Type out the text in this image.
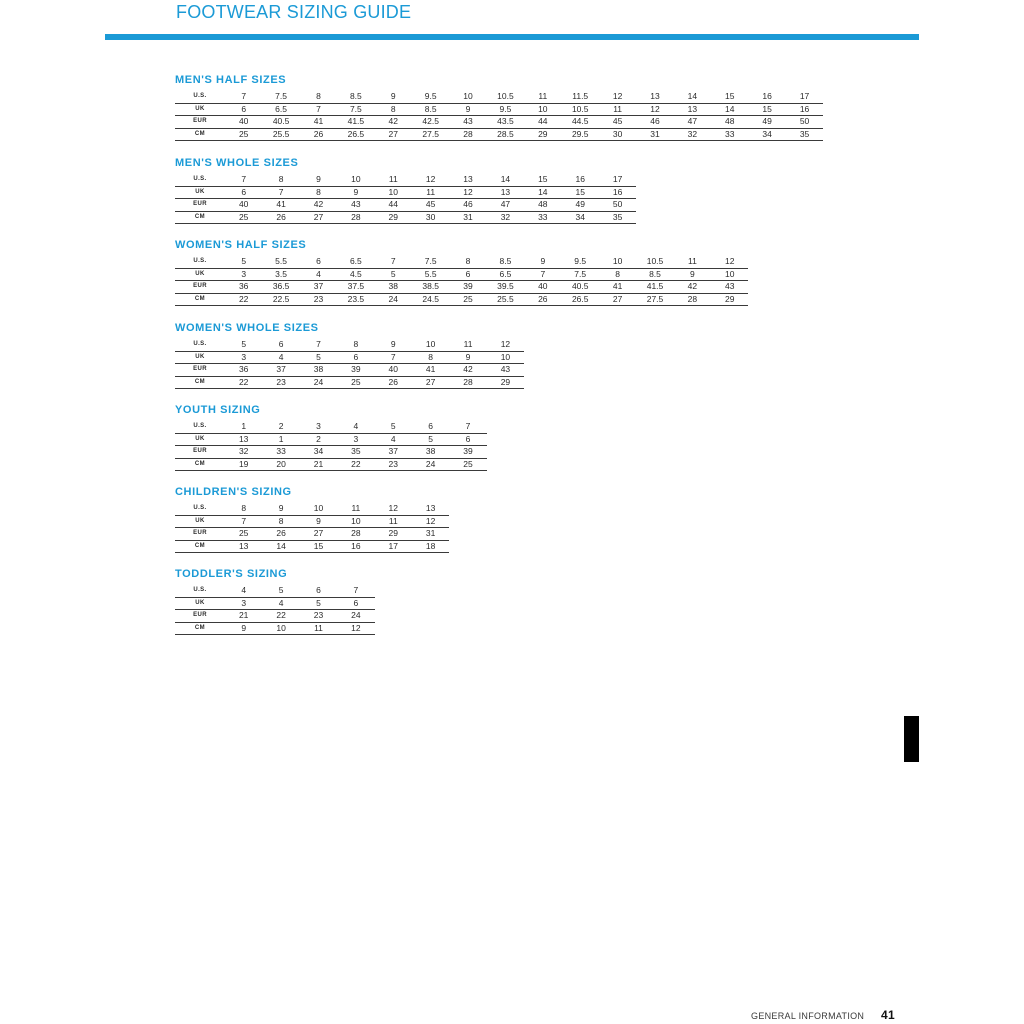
FOOTWEAR SIZING GUIDE
MEN'S HALF SIZES
U.S.	7	7.5	8	8.5	9	9.5	10	10.5	11	11.5	12	13	14	15	16	17
UK	6	6.5	7	7.5	8	8.5	9	9.5	10	10.5	11	12	13	14	15	16
EUR	40	40.5	41	41.5	42	42.5	43	43.5	44	44.5	45	46	47	48	49	50
CM	25	25.5	26	26.5	27	27.5	28	28.5	29	29.5	30	31	32	33	34	35
MEN'S WHOLE SIZES
U.S.	7	8	9	10	11	12	13	14	15	16	17
UK	6	7	8	9	10	11	12	13	14	15	16
EUR	40	41	42	43	44	45	46	47	48	49	50
CM	25	26	27	28	29	30	31	32	33	34	35
WOMEN'S HALF SIZES
U.S.	5	5.5	6	6.5	7	7.5	8	8.5	9	9.5	10	10.5	11	12
UK	3	3.5	4	4.5	5	5.5	6	6.5	7	7.5	8	8.5	9	10
EUR	36	36.5	37	37.5	38	38.5	39	39.5	40	40.5	41	41.5	42	43
CM	22	22.5	23	23.5	24	24.5	25	25.5	26	26.5	27	27.5	28	29
WOMEN'S WHOLE SIZES
U.S.	5	6	7	8	9	10	11	12
UK	3	4	5	6	7	8	9	10
EUR	36	37	38	39	40	41	42	43
CM	22	23	24	25	26	27	28	29
YOUTH SIZING
U.S.	1	2	3	4	5	6	7
UK	13	1	2	3	4	5	6
EUR	32	33	34	35	37	38	39
CM	19	20	21	22	23	24	25
CHILDREN'S SIZING
U.S.	8	9	10	11	12	13
UK	7	8	9	10	11	12
EUR	25	26	27	28	29	31
CM	13	14	15	16	17	18
TODDLER'S SIZING
U.S.	4	5	6	7
UK	3	4	5	6
EUR	21	22	23	24
CM	9	10	11	12
GENERAL INFORMATION 41
